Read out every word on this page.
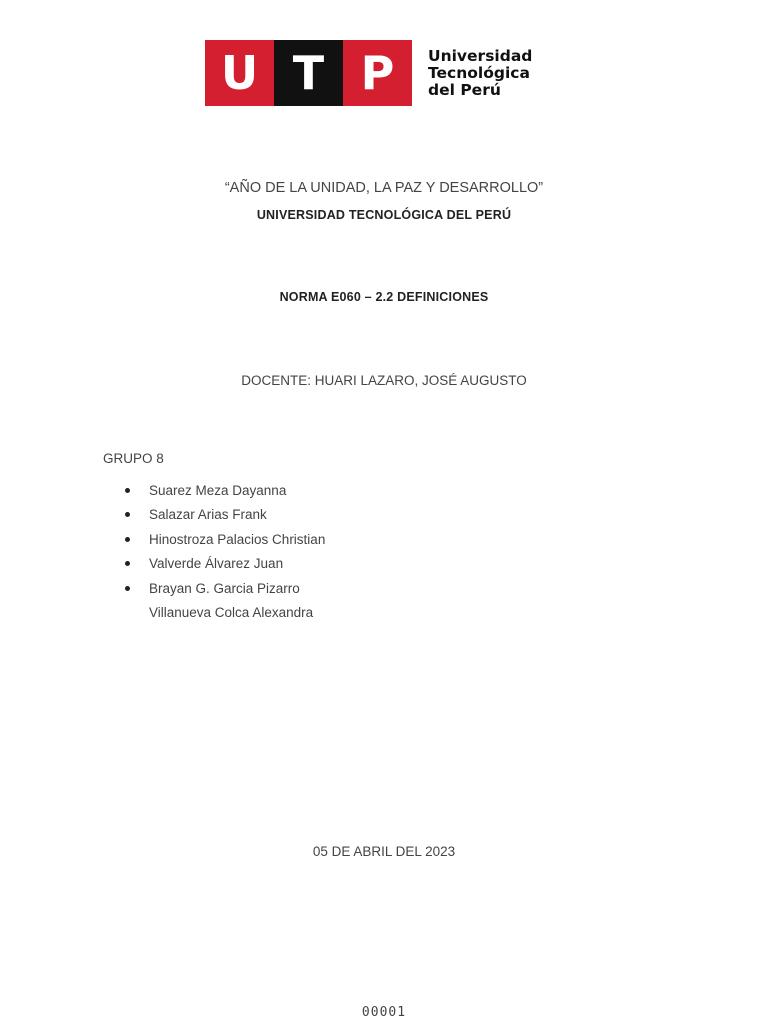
U T P	Universidad
Tecnológica
del Perú
“AÑO DE LA UNIDAD, LA PAZ Y DESARROLLO”
UNIVERSIDAD TECNOLÓGICA DEL PERÚ
NORMA E060 – 2.2 DEFINICIONES
DOCENTE: HUARI LAZARO, JOSÉ AUGUSTO
GRUPO 8
Suarez Meza Dayanna
Salazar Arias Frank
Hinostroza Palacios Christian
Valverde Álvarez Juan
Brayan G. Garcia Pizarro
Villanueva Colca Alexandra
05 DE ABRIL DEL 2023
00001
